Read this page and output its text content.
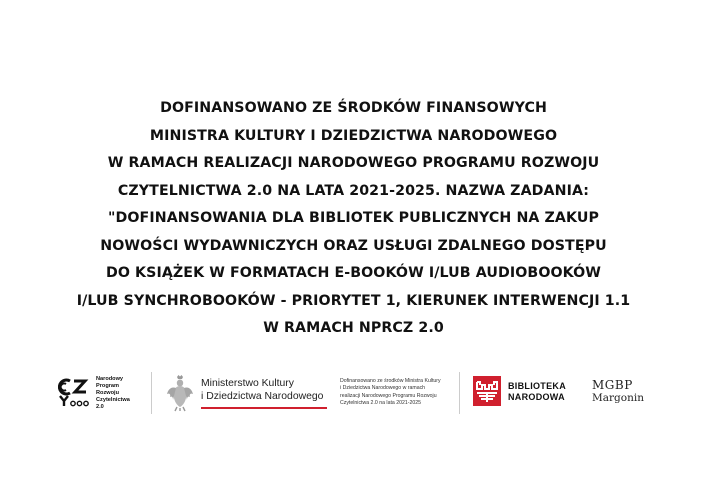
DOFINANSOWANO ZE ŚRODKÓW FINANSOWYCH
MINISTRA KULTURY I DZIEDZICTWA NARODOWEGO
W RAMACH REALIZACJI NARODOWEGO PROGRAMU ROZWOJU
CZYTELNICTWA 2.0 NA LATA 2021-2025. NAZWA ZADANIA:
"DOFINANSOWANIA DLA BIBLIOTEK PUBLICZNYCH NA ZAKUP
NOWOŚCI WYDAWNICZYCH ORAZ USŁUGI ZDALNEGO DOSTĘPU
DO KSIĄŻEK W FORMATACH E-BOOKÓW I/LUB AUDIOBOOKÓW
I/LUB SYNCHROBOOKÓW - PRIORYTET 1, KIERUNEK INTERWENCJI 1.1
W RAMACH NPRCZ 2.0
Narodowy
Program
Rozwoju
Czytelnictwa
2.0
Ministerstwo Kultury
i Dziedzictwa Narodowego
Dofinansowano ze środków Ministra Kultury
i Dziedzictwa Narodowego w ramach
realizacji Narodowego Programu Rozwoju
Czytelnictwa 2.0 na lata 2021-2025
BIBLIOTEKA
NARODOWA
MGBP
Margonin
